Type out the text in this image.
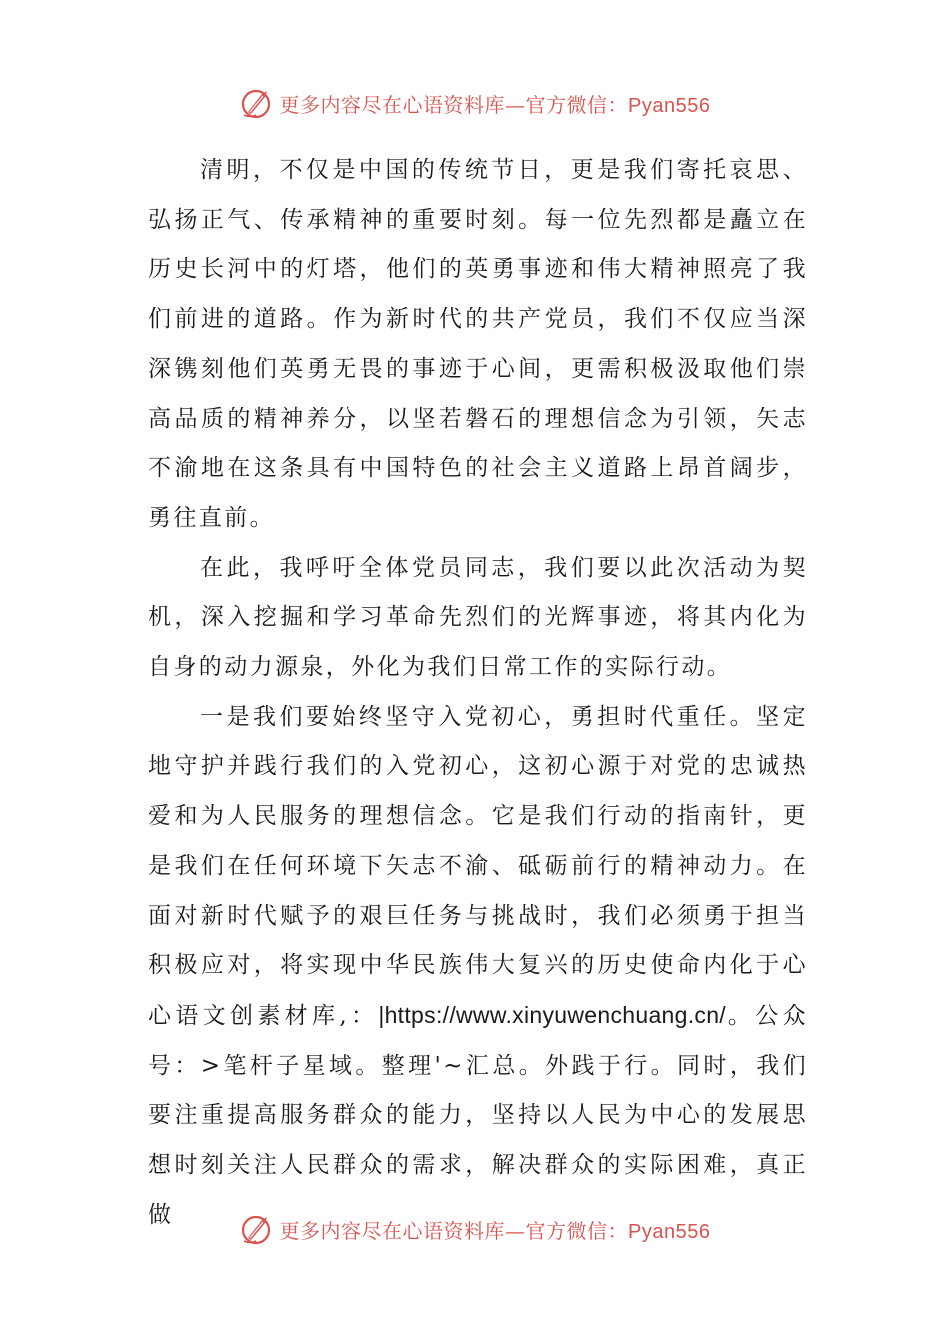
更多内容尽在心语资料库—官方微信：Pyan556

清明，不仅是中国的传统节日，更是我们寄托哀思、弘扬正气、传承精神的重要时刻。每一位先烈都是矗立在历史长河中的灯塔，他们的英勇事迹和伟大精神照亮了我们前进的道路。作为新时代的共产党员，我们不仅应当深深镌刻他们英勇无畏的事迹于心间，更需积极汲取他们崇高品质的精神养分，以坚若磐石的理想信念为引领，矢志不渝地在这条具有中国特色的社会主义道路上昂首阔步，勇往直前。

在此，我呼吁全体党员同志，我们要以此次活动为契机，深入挖掘和学习革命先烈们的光辉事迹，将其内化为自身的动力源泉，外化为我们日常工作的实际行动。

一是我们要始终坚守入党初心，勇担时代重任。坚定地守护并践行我们的入党初心，这初心源于对党的忠诚热爱和为人民服务的理想信念。它是我们行动的指南针，更是我们在任何环境下矢志不渝、砥砺前行的精神动力。在面对新时代赋予的艰巨任务与挑战时，我们必须勇于担当积极应对，将实现中华民族伟大复兴的历史使命内化于心心语文创素材库,：|https://www.xinyuwenchuang.cn/。公众号：>笔杆子星域。整理'~汇总。外践于行。同时，我们要注重提高服务群众的能力，坚持以人民为中心的发展思想时刻关注人民群众的需求，解决群众的实际困难，真正做

更多内容尽在心语资料库—官方微信：Pyan556
